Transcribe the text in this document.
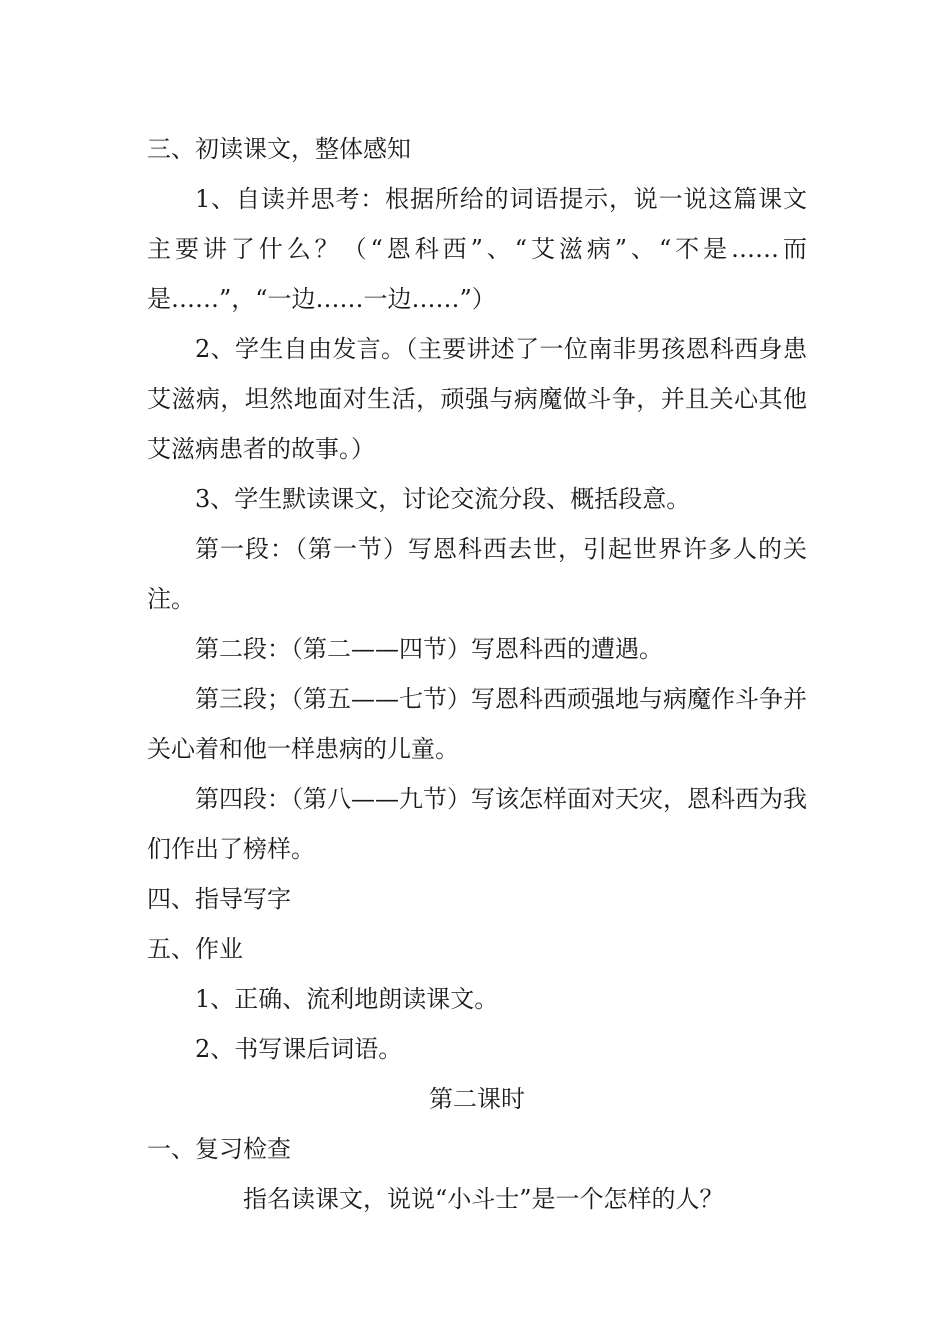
三、初读课文，整体感知

1、自读并思考：根据所给的词语提示，说一说这篇课文主要讲了什么？（“恩科西”、“艾滋病”、“不是……而是……”，“一边……一边……”）

2、学生自由发言。（主要讲述了一位南非男孩恩科西身患艾滋病，坦然地面对生活，顽强与病魔做斗争，并且关心其他艾滋病患者的故事。）

3、学生默读课文，讨论交流分段、概括段意。

第一段：（第一节）写恩科西去世，引起世界许多人的关注。

第二段：（第二——四节）写恩科西的遭遇。

第三段；（第五——七节）写恩科西顽强地与病魔作斗争并关心着和他一样患病的儿童。

第四段：（第八——九节）写该怎样面对天灾，恩科西为我们作出了榜样。

四、指导写字

五、作业

1、正确、流利地朗读课文。

2、书写课后词语。

第二课时

一、复习检查

指名读课文，说说“小斗士”是一个怎样的人？
